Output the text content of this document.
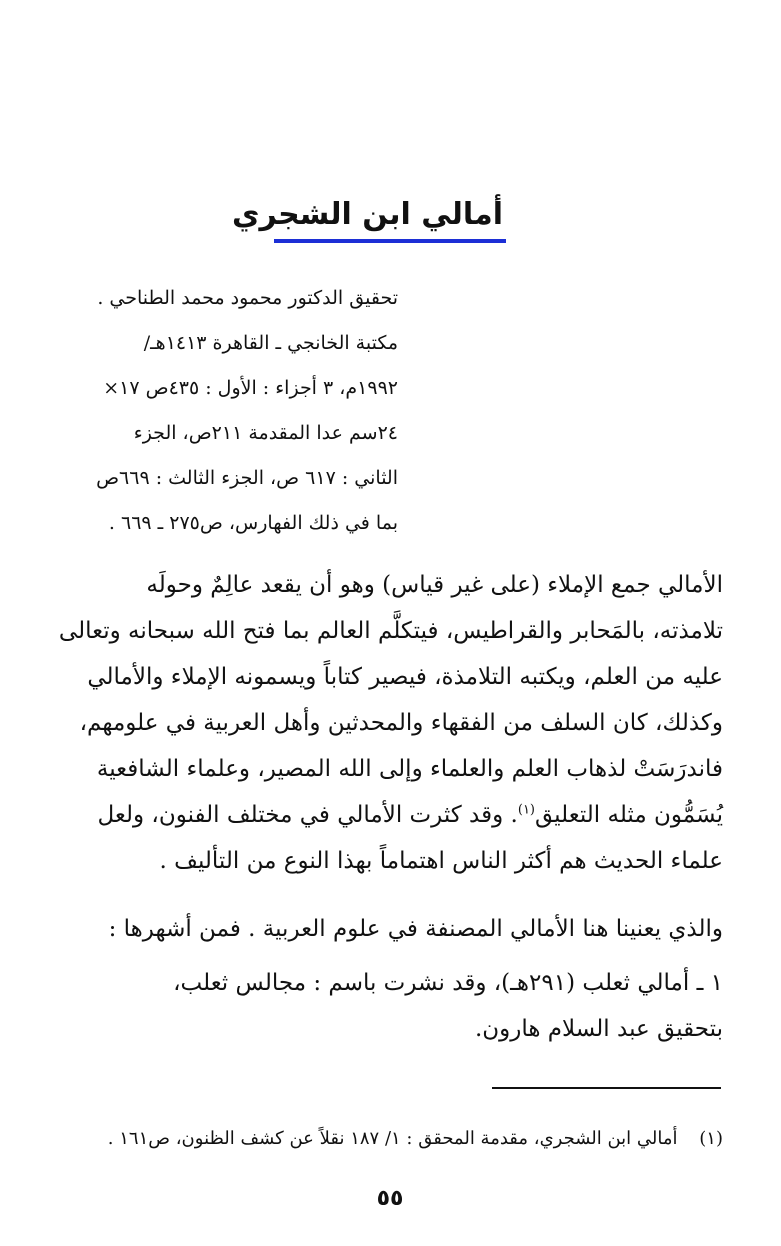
أمالي ابن الشجري
تحقيق الدكتور محمود محمد الطناحي .
مكتبة الخانجي ـ القاهرة ١٤١٣هـ/
١٩٩٢م، ٣ أجزاء : الأول : ٤٣٥ص ١٧×
٢٤سم عدا المقدمة ٢١١ص، الجزء
الثاني : ٦١٧ ص، الجزء الثالث : ٦٦٩ص
بما في ذلك الفهارس، ص٢٧٥ ـ ٦٦٩ .
الأمالي جمع الإملاء (على غير قياس) وهو أن يقعد عالِمٌ وحولَه
تلامذته، بالمَحابر والقراطيس، فيتكلَّم العالم بما فتح الله سبحانه وتعالى
عليه من العلم، ويكتبه التلامذة، فيصير كتاباً ويسمونه الإملاء والأمالي
وكذلك، كان السلف من الفقهاء والمحدثين وأهل العربية في علومهم،
فاندرَسَتْ لذهاب العلم والعلماء وإلى الله المصير، وعلماء الشافعية
يُسَمُّون مثله التعليق$^{(١)}$. وقد كثرت الأمالي في مختلف الفنون، ولعل
علماء الحديث هم أكثر الناس اهتماماً بهذا النوع من التأليف .
والذي يعنينا هنا الأمالي المصنفة في علوم العربية . فمن أشهرها :
١ ـ أمالي ثعلب (٢٩١هـ)، وقد نشرت باسم : مجالس ثعلب،
بتحقيق عبد السلام هارون.
(١) أمالي ابن الشجري، مقدمة المحقق : ١/ ١٨٧ نقلاً عن كشف الظنون، ص١٦١ .
٥٥
